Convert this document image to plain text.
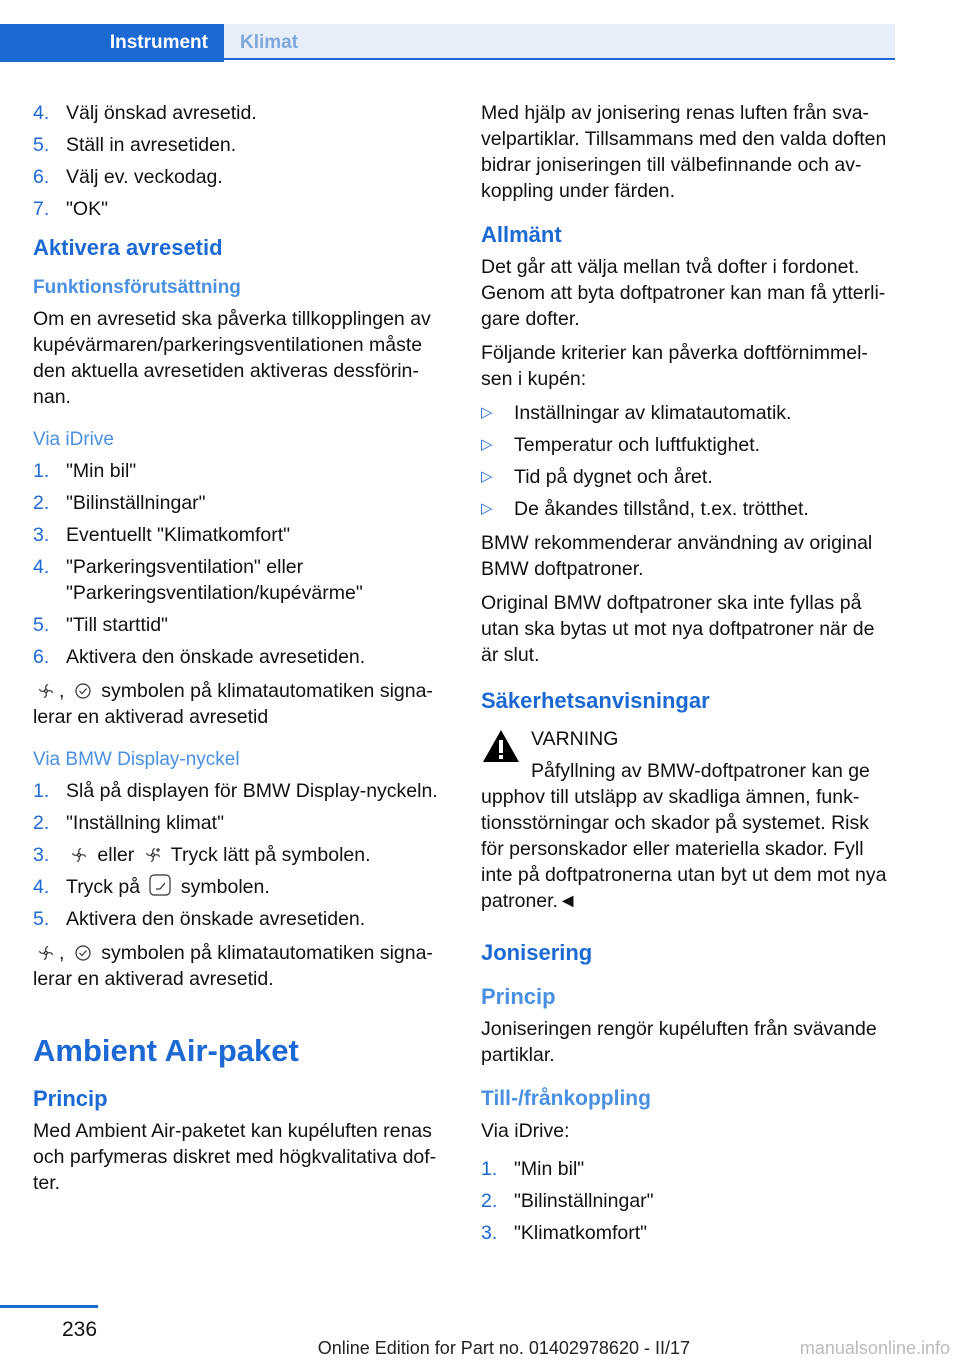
Instrument	Klimat
4. Välj önskad avresetid.
5. Ställ in avresetiden.
6. Välj ev. veckodag.
7. "OK"
Aktivera avresetid
Funktionsförutsättning

Om en avresetid ska påverka tillkopplingen av kupévärmaren/parkeringsventilationen måste den aktuella avresetiden aktiveras dessförin-nan.

Via iDrive
1. "Min bil"
2. "Bilinställningar"
3. Eventuellt "Klimatkomfort"
4. "Parkeringsventilation" eller "Parkeringsventilation/kupévärme"
5. "Till starttid"
6. Aktivera den önskade avresetiden.

,  symbolen på klimatautomatiken signa-lerar en aktiverad avresetid

Via BMW Display-nyckel
1. Slå på displayen för BMW Display-nyckeln.
2. "Inställning klimat"
3. eller Tryck lätt på symbolen.
4. Tryck på symbolen.
5. Aktivera den önskade avresetiden.

,  symbolen på klimatautomatiken signa-lerar en aktiverad avresetid.

Ambient Air-paket
Princip

Med Ambient Air-paketet kan kupéluften renas och parfymeras diskret med högkvalitativa dof-ter.

Med hjälp av jonisering renas luften från sva-velpartiklar. Tillsammans med den valda doften bidrar joniseringen till välbefinnande och av-koppling under färden.

Allmänt

Det går att välja mellan två dofter i fordonet. Genom att byta doftpatroner kan man få ytterli-gare dofter.

Följande kriterier kan påverka doftförnimmel-sen i kupén:

▷ Inställningar av klimatautomatik.
▷ Temperatur och luftfuktighet.
▷ Tid på dygnet och året.
▷ De åkandes tillstånd, t.ex. trötthet.

BMW rekommenderar användning av original BMW doftpatroner.

Original BMW doftpatroner ska inte fyllas på utan ska bytas ut mot nya doftpatroner när de är slut.

Säkerhetsanvisningar

VARNING

Påfyllning av BMW-doftpatroner kan ge upphov till utsläpp av skadliga ämnen, funk-tionsstörningar och skador på systemet. Risk för personskador eller materiella skador. Fyll inte på doftpatronerna utan byt ut dem mot nya patroner.◄

Jonisering
Princip

Joniseringen rengör kupéluften från svävande partiklar.

Till-/frånkoppling

Via iDrive:

1. "Min bil"
2. "Bilinställningar"
3. "Klimatkomfort"
236
Online Edition for Part no. 01402978620 - II/17	manualsonline.info
